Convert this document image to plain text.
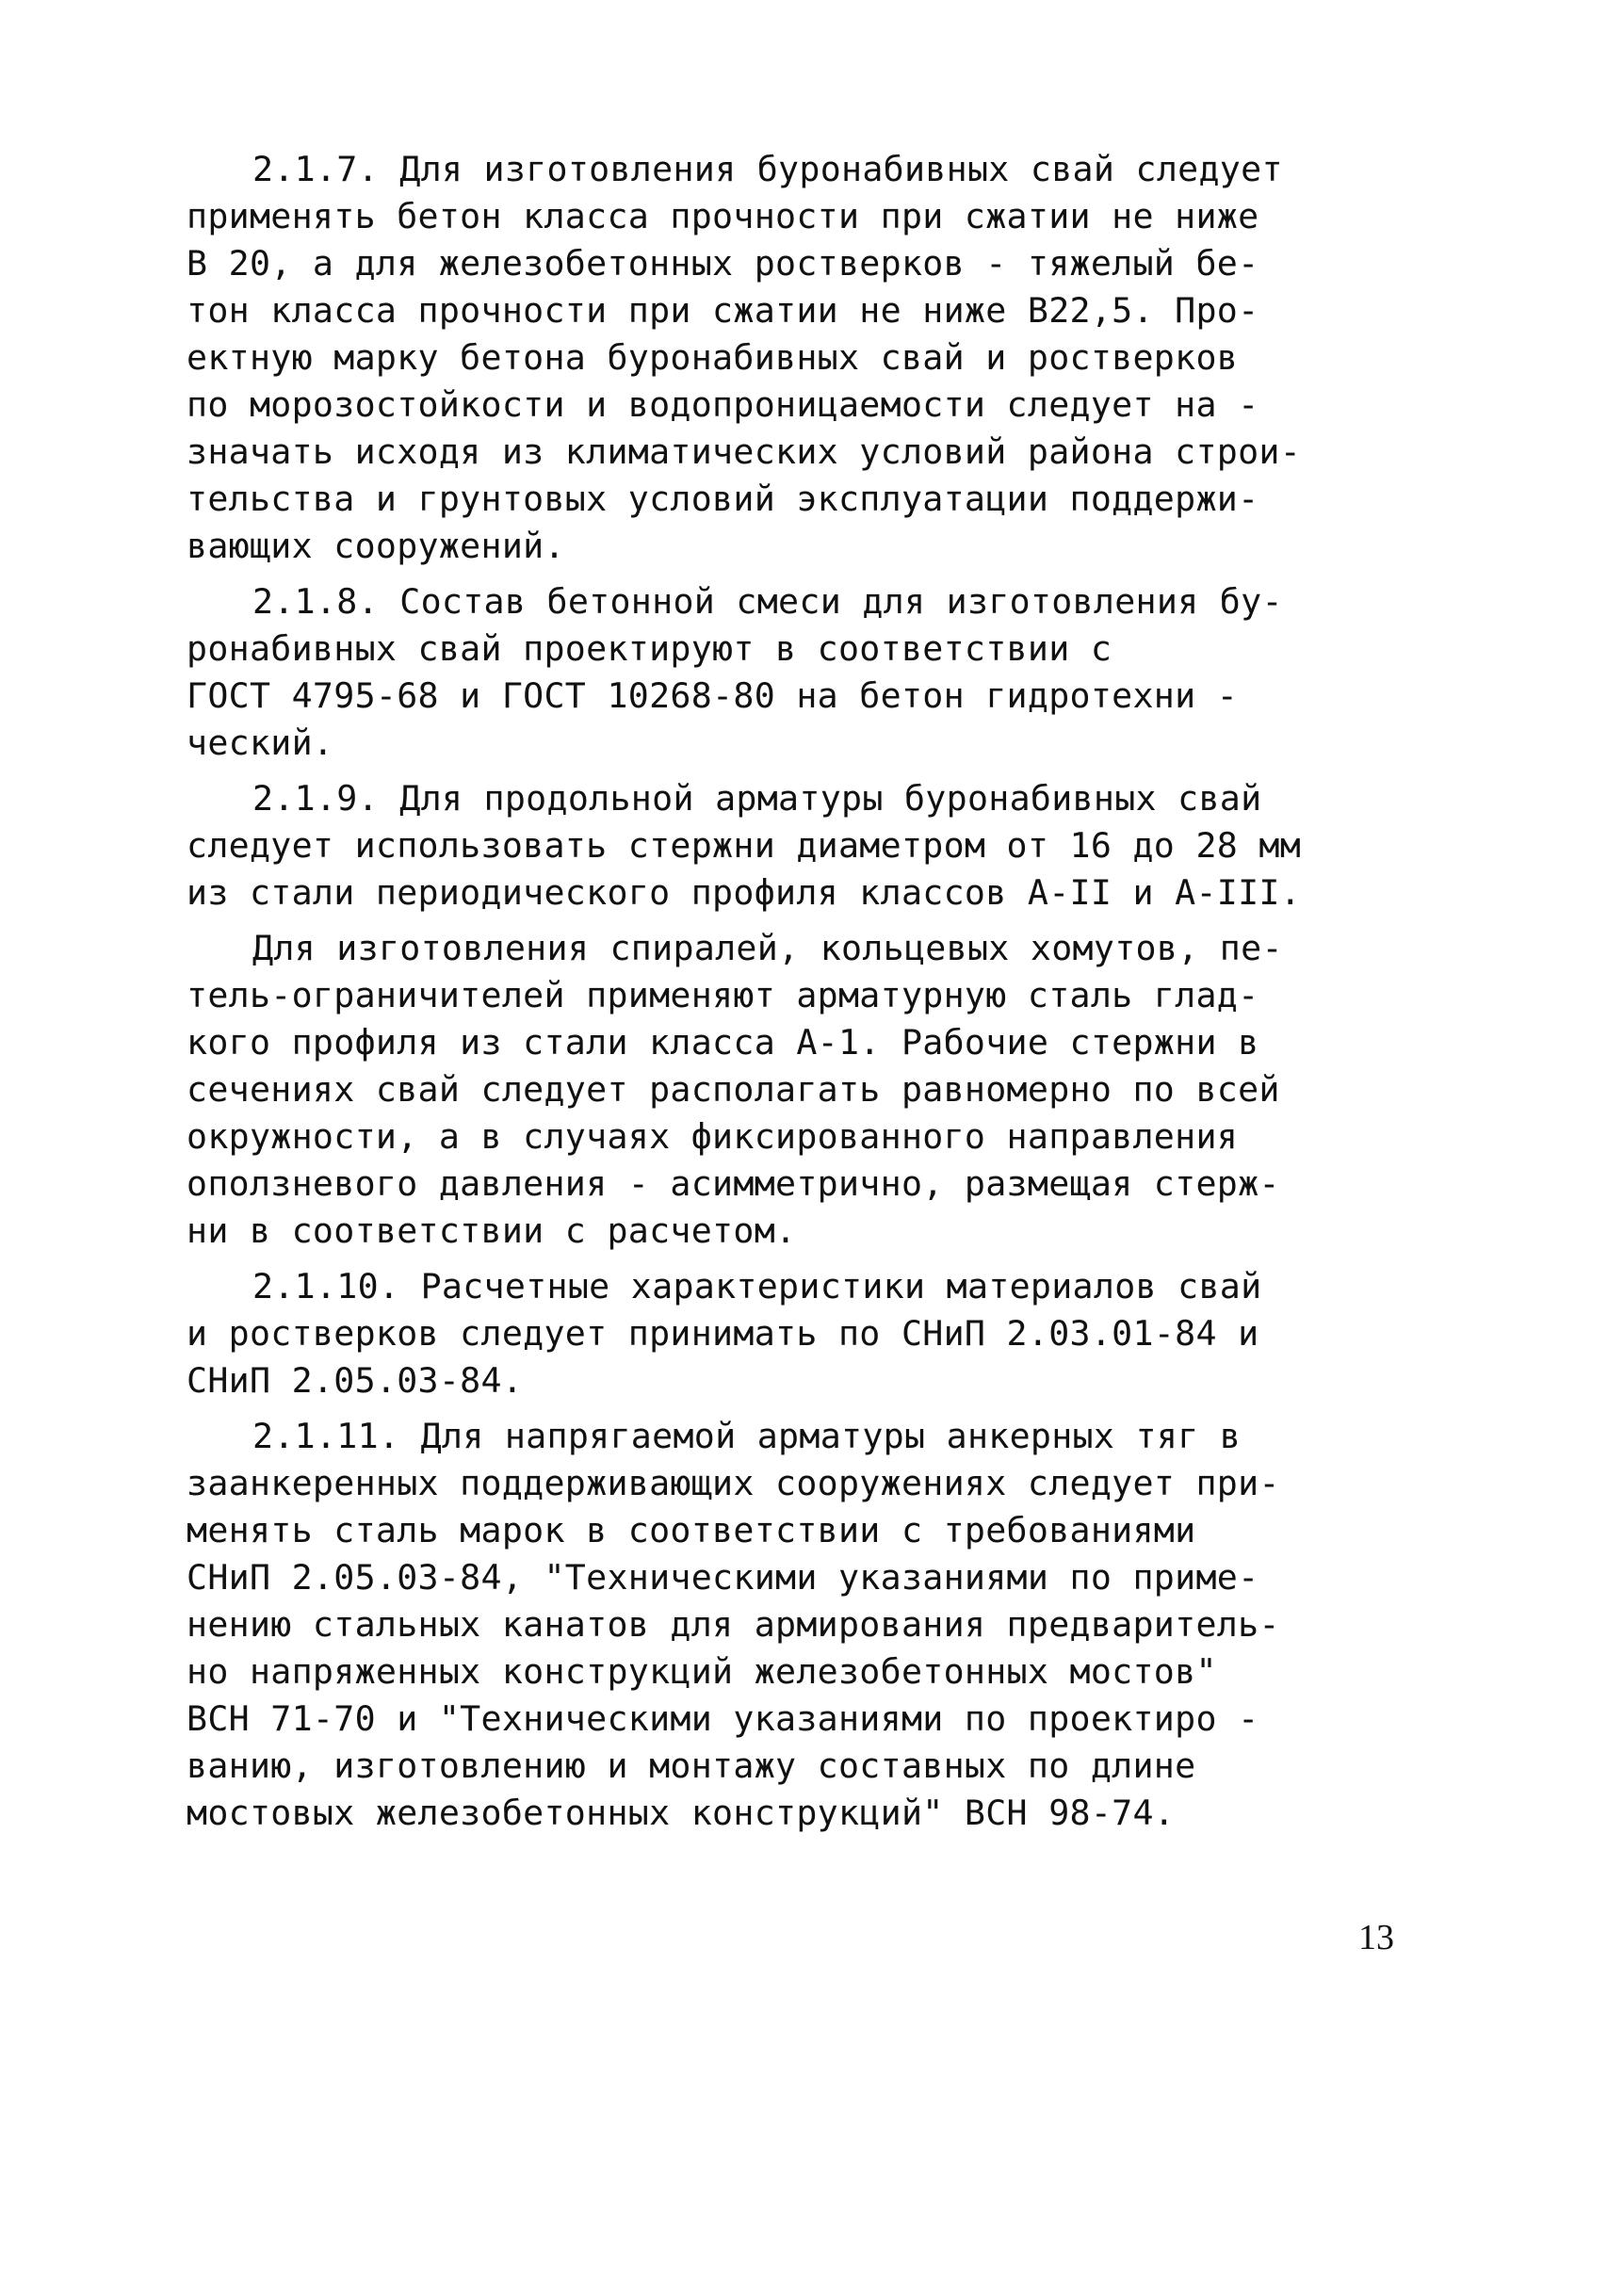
2.1.7. Для изготовления буронабивных свай следует
применять бетон класса прочности при сжатии не ниже
В 20, а для железобетонных ростверков - тяжелый бе-
тон класса прочности при сжатии не ниже В22,5. Про-
ектную марку бетона буронабивных свай и ростверков
по морозостойкости и водопроницаемости следует на -
значать исходя из климатических условий района строи-
тельства и грунтовых условий эксплуатации поддержи-
вающих сооружений.
2.1.8. Состав бетонной смеси для изготовления бу-
ронабивных свай проектируют в соответствии с
ГОСТ 4795-68 и ГОСТ 10268-80 на бетон гидротехни -
ческий.
2.1.9. Для продольной арматуры буронабивных свай
следует использовать стержни диаметром от 16 до 28 мм
из стали периодического профиля классов А-II и А-III.
Для изготовления спиралей, кольцевых хомутов, пе-
тель-ограничителей применяют арматурную сталь глад-
кого профиля из стали класса А-1. Рабочие стержни в
сечениях свай следует располагать равномерно по всей
окружности, а в случаях фиксированного направления
оползневого давления - асимметрично, размещая стерж-
ни в соответствии с расчетом.
2.1.10. Расчетные характеристики материалов свай
и ростверков следует принимать по СНиП 2.03.01-84 и
СНиП 2.05.03-84.
2.1.11. Для напрягаемой арматуры анкерных тяг в
заанкеренных поддерживающих сооружениях следует при-
менять сталь марок в соответствии с требованиями
СНиП 2.05.03-84, "Техническими указаниями по приме-
нению стальных канатов для армирования предваритель-
но напряженных конструкций железобетонных мостов"
ВСН 71-70 и "Техническими указаниями по проектиро -
ванию, изготовлению и монтажу составных по длине
мостовых железобетонных конструкций" ВСН 98-74.
13
